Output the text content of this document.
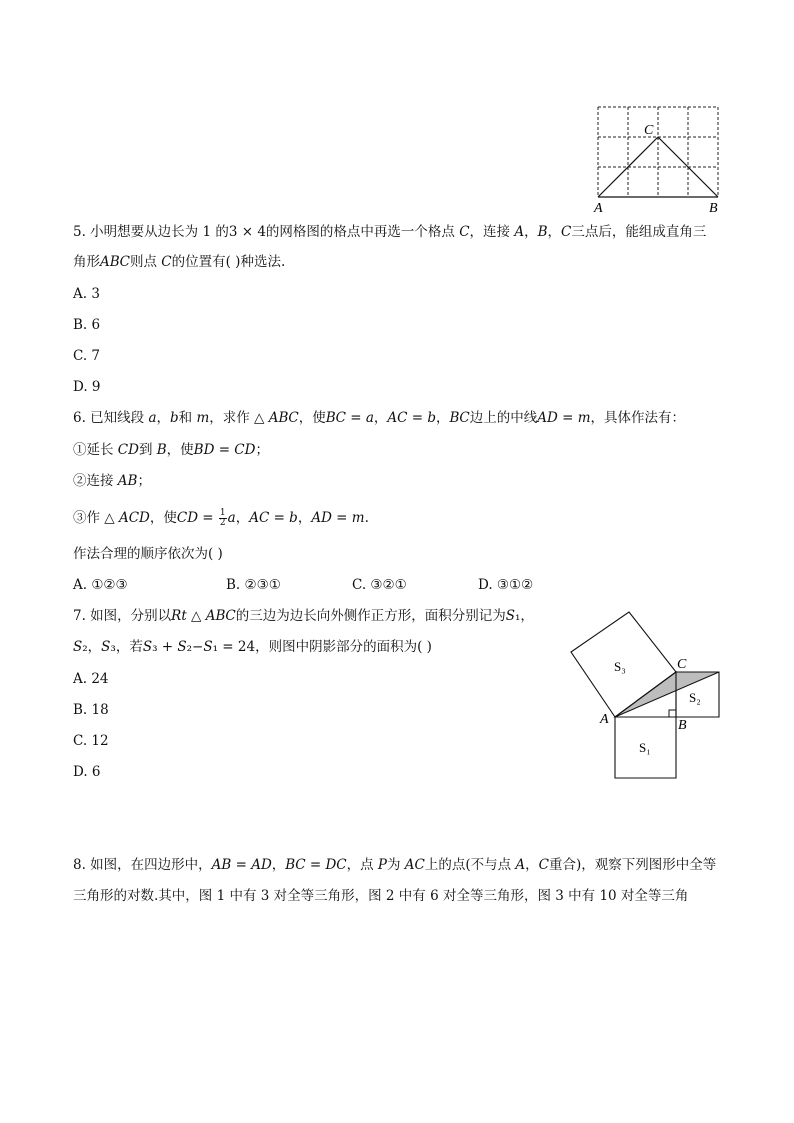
A	B
C
5. 小明想要从边长为 1 的3 × 4的网格图的格点中再选一个格点 𝐶，连接 𝐴，𝐵，𝐶三点后，能组成直角三
角形𝐴𝐵𝐶则点 𝐶的位置有( )种选法.
A. 3
B. 6
C. 7
D. 9
6. 已知线段 𝑎，𝑏和 𝑚，求作 △ 𝐴𝐵𝐶，使𝐵𝐶 = 𝑎，𝐴𝐶 = 𝑏，𝐵𝐶边上的中线𝐴𝐷 = 𝑚，具体作法有：
①延长 𝐶𝐷到 𝐵，使𝐵𝐷 = 𝐶𝐷；
②连接 𝐴𝐵；
③作 △ 𝐴𝐶𝐷，使𝐶𝐷 = $\frac{1}{2}$ 𝑎，𝐴𝐶 = 𝑏，𝐴𝐷 = 𝑚.
作法合理的顺序依次为( )
A. ①②③	B. ②③①	C. ③②①	D. ③①②
7. 如图，分别以𝑅𝑡 △ 𝐴𝐵𝐶的三边为边长向外侧作正方形，面积分别记为𝑆₁，
𝑆₂，𝑆₃，若𝑆₃ + 𝑆₂−𝑆₁ = 24，则图中阴影部分的面积为( )
A. 24
B. 18
C. 12
D. 6
S₃
S₂
S₁
A	B
C
8. 如图，在四边形中，𝐴𝐵 = 𝐴𝐷，𝐵𝐶 = 𝐷𝐶，点 𝑃为 𝐴𝐶上的点(不与点 𝐴，𝐶重合)，观察下列图形中全等
三角形的对数.其中，图 1 中有 3 对全等三角形，图 2 中有 6 对全等三角形，图 3 中有 10 对全等三角
